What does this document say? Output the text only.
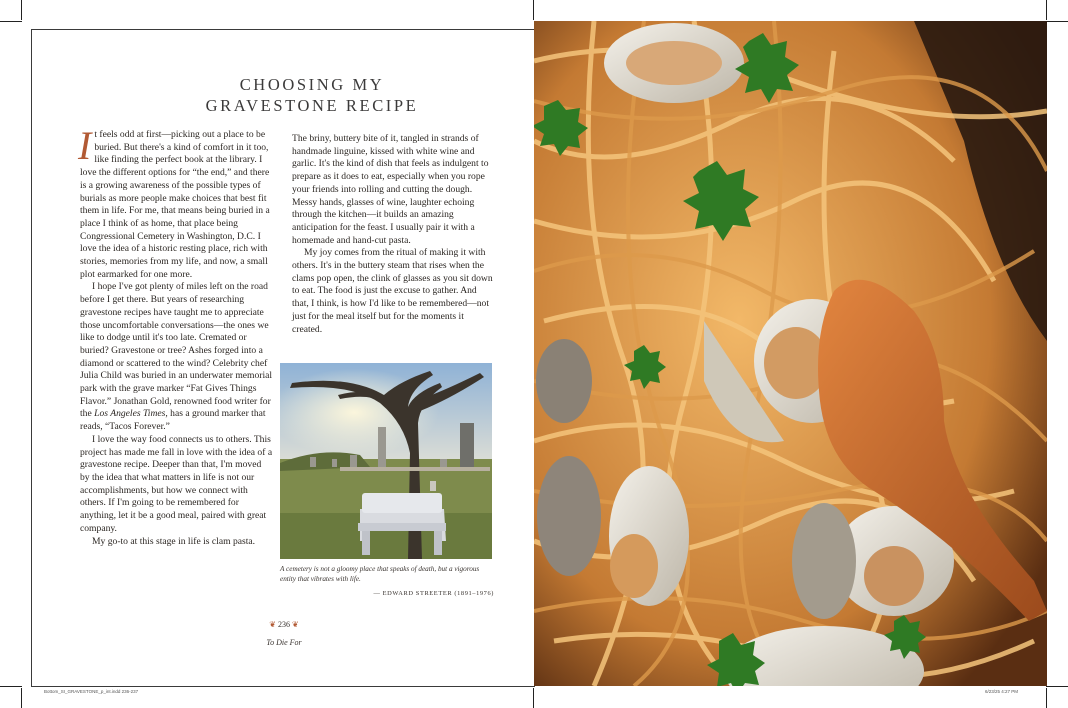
CHOOSING MY
GRAVESTONE RECIPE

It feels odd at first—picking out a place to be buried. But there's a kind of comfort in it too, like finding the perfect book at the library. I love the different options for “the end,” and there is a growing awareness of the possible types of burials as more people make choices that best fit them in life. For me, that means being buried in a place I think of as home, that place being Congressional Cemetery in Washington, D.C. I love the idea of a historic resting place, rich with stories, memories from my life, and now, a small plot earmarked for one more.

I hope I've got plenty of miles left on the road before I get there. But years of researching gravestone recipes have taught me to appreciate those uncomfortable conversations—the ones we like to dodge until it's too late. Cremated or buried? Gravestone or tree? Ashes forged into a diamond or scattered to the wind? Celebrity chef Julia Child was buried in an underwater memorial park with the grave marker “Fat Gives Things Flavor.” Jonathan Gold, renowned food writer for the Los Angeles Times, has a ground marker that reads, “Tacos Forever.”

I love the way food connects us to others. This project has made me fall in love with the idea of a gravestone recipe. Deeper than that, I'm moved by the idea that what matters in life is not our accomplishments, but how we connect with others. If I'm going to be remembered for anything, let it be a good meal, paired with great company.

My go-to at this stage in life is clam pasta.

The briny, buttery bite of it, tangled in strands of handmade linguine, kissed with white wine and garlic. It's the kind of dish that feels as indulgent to prepare as it does to eat, especially when you rope your friends into rolling and cutting the dough. Messy hands, glasses of wine, laughter echoing through the kitchen—it builds an amazing anticipation for the feast. I usually pair it with a homemade and hand-cut pasta.

My joy comes from the ritual of making it with others. It's in the buttery steam that rises when the clams pop open, the clink of glasses as you sit down to eat. The food is just the excuse to gather. And that, I think, is how I'd like to be remembered—not just for the meal itself but for the moments it created.

A cemetery is not a gloomy place that speaks of death, but a vigorous entity that vibrates with life.
— EDWARD STREETER (1891–1976)
❦ 236 ❦
To Die For
Bottom_SI_GRAVESTONE_p_int.indd 236-237	6/23/25 4:27 PM
